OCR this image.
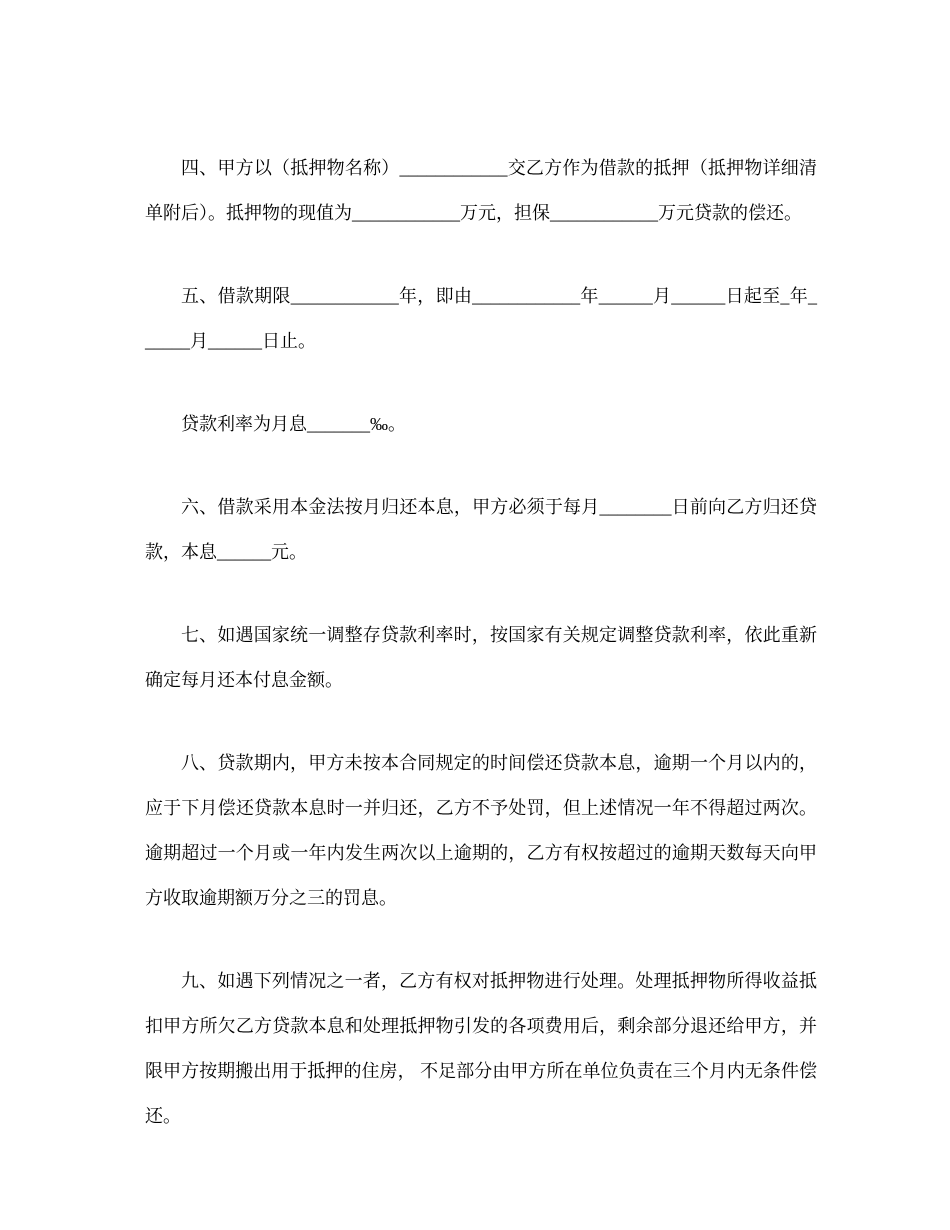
四、甲方以（抵押物名称）____________交乙方作为借款的抵押（抵押物详细清单附后）。抵押物的现值为____________万元，担保____________万元贷款的偿还。

五、借款期限____________年，即由____________年______月______日起至_年______月______日止。

贷款利率为月息_______‰。

六、借款采用本金法按月归还本息，甲方必须于每月________日前向乙方归还贷款，本息______元。

七、如遇国家统一调整存贷款利率时，按国家有关规定调整贷款利率，依此重新确定每月还本付息金额。

八、贷款期内，甲方未按本合同规定的时间偿还贷款本息，逾期一个月以内的，应于下月偿还贷款本息时一并归还，乙方不予处罚，但上述情况一年不得超过两次。逾期超过一个月或一年内发生两次以上逾期的，乙方有权按超过的逾期天数每天向甲方收取逾期额万分之三的罚息。

九、如遇下列情况之一者，乙方有权对抵押物进行处理。处理抵押物所得收益抵扣甲方所欠乙方贷款本息和处理抵押物引发的各项费用后，剩余部分退还给甲方，并限甲方按期搬出用于抵押的住房， 不足部分由甲方所在单位负责在三个月内无条件偿还。
